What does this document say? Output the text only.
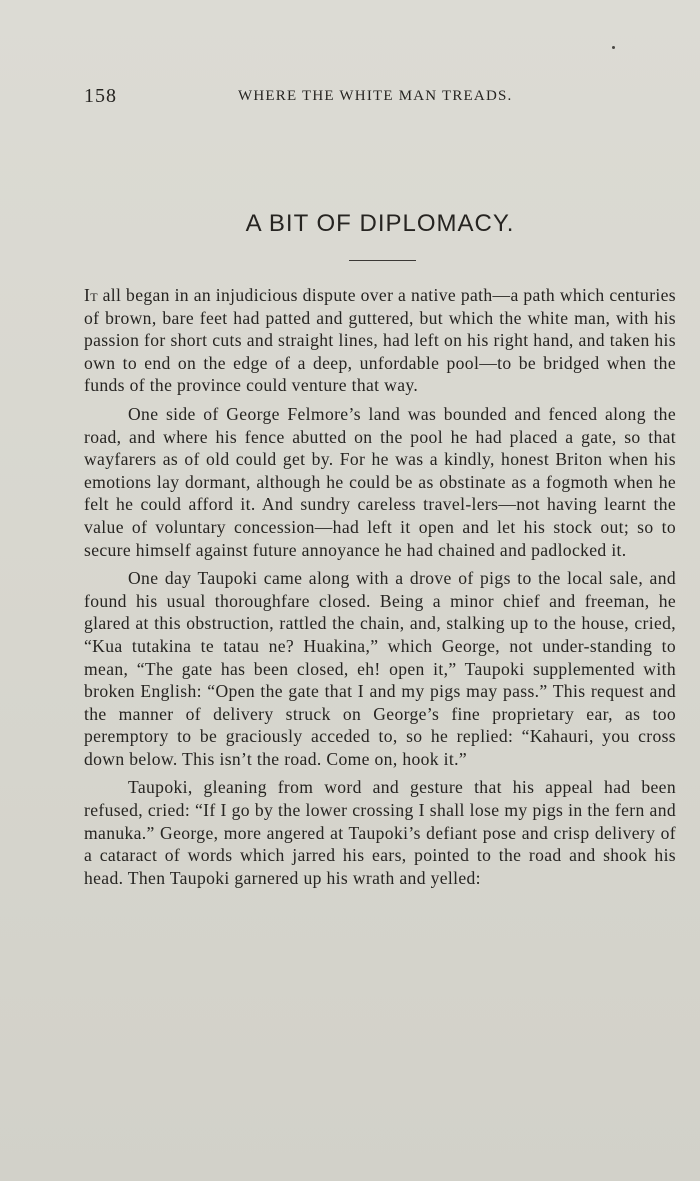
158	WHERE THE WHITE MAN TREADS.
A BIT OF DIPLOMACY.

It all began in an injudicious dispute over a native path—a path which centuries of brown, bare feet had patted and guttered, but which the white man, with his passion for short cuts and straight lines, had left on his right hand, and taken his own to end on the edge of a deep, unfordable pool—to be bridged when the funds of the province could venture that way.

One side of George Felmore’s land was bounded and fenced along the road, and where his fence abutted on the pool he had placed a gate, so that wayfarers as of old could get by. For he was a kindly, honest Briton when his emotions lay dormant, although he could be as obstinate as a fogmoth when he felt he could afford it. And sundry careless travel-lers—not having learnt the value of voluntary concession—had left it open and let his stock out; so to secure himself against future annoyance he had chained and padlocked it.

One day Taupoki came along with a drove of pigs to the local sale, and found his usual thoroughfare closed. Being a minor chief and freeman, he glared at this obstruction, rattled the chain, and, stalking up to the house, cried, “Kua tutakina te tatau ne? Huakina,” which George, not under-standing to mean, “The gate has been closed, eh! open it,” Taupoki supplemented with broken English: “Open the gate that I and my pigs may pass.” This request and the manner of delivery struck on George’s fine proprietary ear, as too peremptory to be graciously acceded to, so he replied: “Kahauri, you cross down below. This isn’t the road. Come on, hook it.”

Taupoki, gleaning from word and gesture that his appeal had been refused, cried: “If I go by the lower crossing I shall lose my pigs in the fern and manuka.” George, more angered at Taupoki’s defiant pose and crisp delivery of a cataract of words which jarred his ears, pointed to the road and shook his head. Then Taupoki garnered up his wrath and yelled:
